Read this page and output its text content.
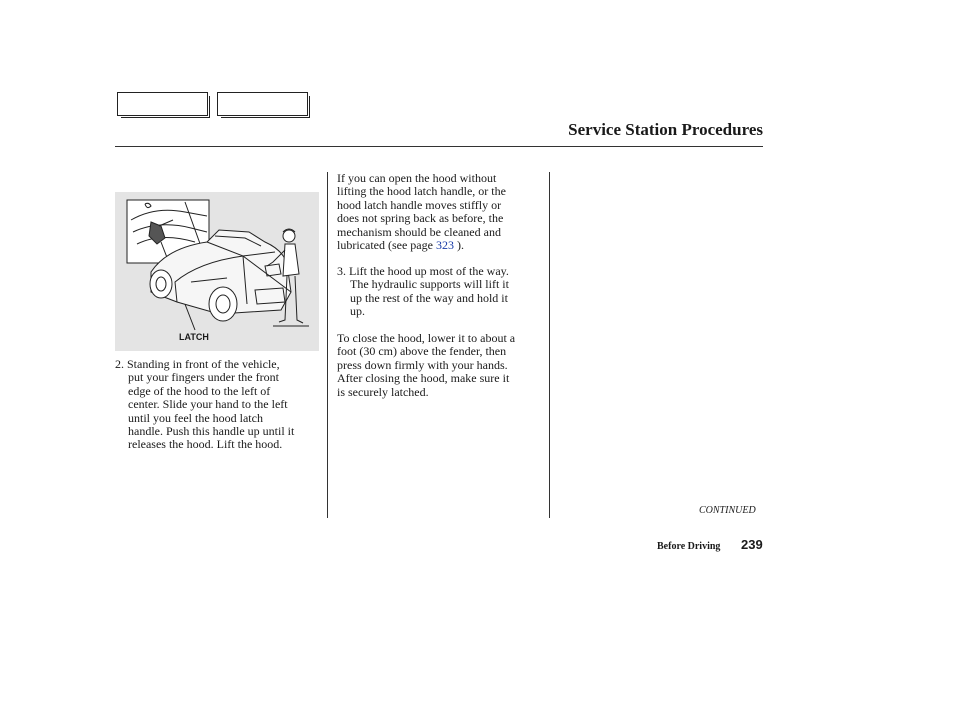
Service Station Procedures

LATCH

2. Standing in front of the vehicle,
put your fingers under the front
edge of the hood to the left of
center. Slide your hand to the left
until you feel the hood latch
handle. Push this handle up until it
releases the hood. Lift the hood.
If you can open the hood without
lifting the hood latch handle, or the
hood latch handle moves stiffly or
does not spring back as before, the
mechanism should be cleaned and
lubricated (see page 323 ).
3. Lift the hood up most of the way.
The hydraulic supports will lift it
up the rest of the way and hold it
up.
To close the hood, lower it to about a
foot (30 cm) above the fender, then
press down firmly with your hands.
After closing the hood, make sure it
is securely latched.

CONTINUED

Before Driving 239
